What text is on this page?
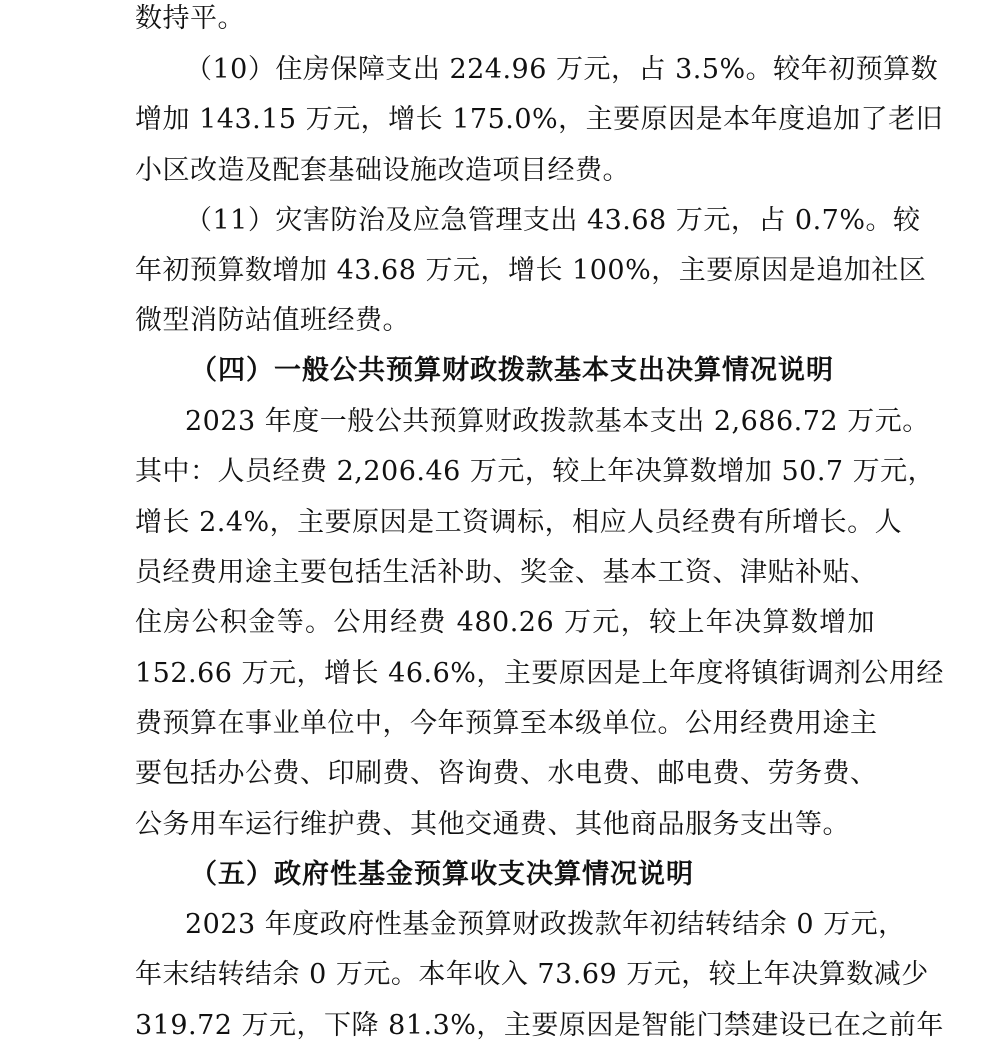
数持平。
（10）住房保障支出 224.96 万元，占 3.5%。较年初预算数
增加 143.15 万元，增长 175.0%，主要原因是本年度追加了老旧
小区改造及配套基础设施改造项目经费。
（11）灾害防治及应急管理支出 43.68 万元，占 0.7%。较
年初预算数增加 43.68 万元，增长 100%，主要原因是追加社区
微型消防站值班经费。
（四）一般公共预算财政拨款基本支出决算情况说明
2023 年度一般公共预算财政拨款基本支出 2,686.72 万元。
其中：人员经费 2,206.46 万元，较上年决算数增加 50.7 万元，
增长 2.4%，主要原因是工资调标，相应人员经费有所增长。人
员经费用途主要包括生活补助、奖金、基本工资、津贴补贴、
住房公积金等。公用经费 480.26 万元，较上年决算数增加
152.66 万元，增长 46.6%，主要原因是上年度将镇街调剂公用经
费预算在事业单位中，今年预算至本级单位。公用经费用途主
要包括办公费、印刷费、咨询费、水电费、邮电费、劳务费、
公务用车运行维护费、其他交通费、其他商品服务支出等。
（五）政府性基金预算收支决算情况说明
2023 年度政府性基金预算财政拨款年初结转结余 0 万元，
年末结转结余 0 万元。本年收入 73.69 万元，较上年决算数减少
319.72 万元，下降 81.3%，主要原因是智能门禁建设已在之前年
